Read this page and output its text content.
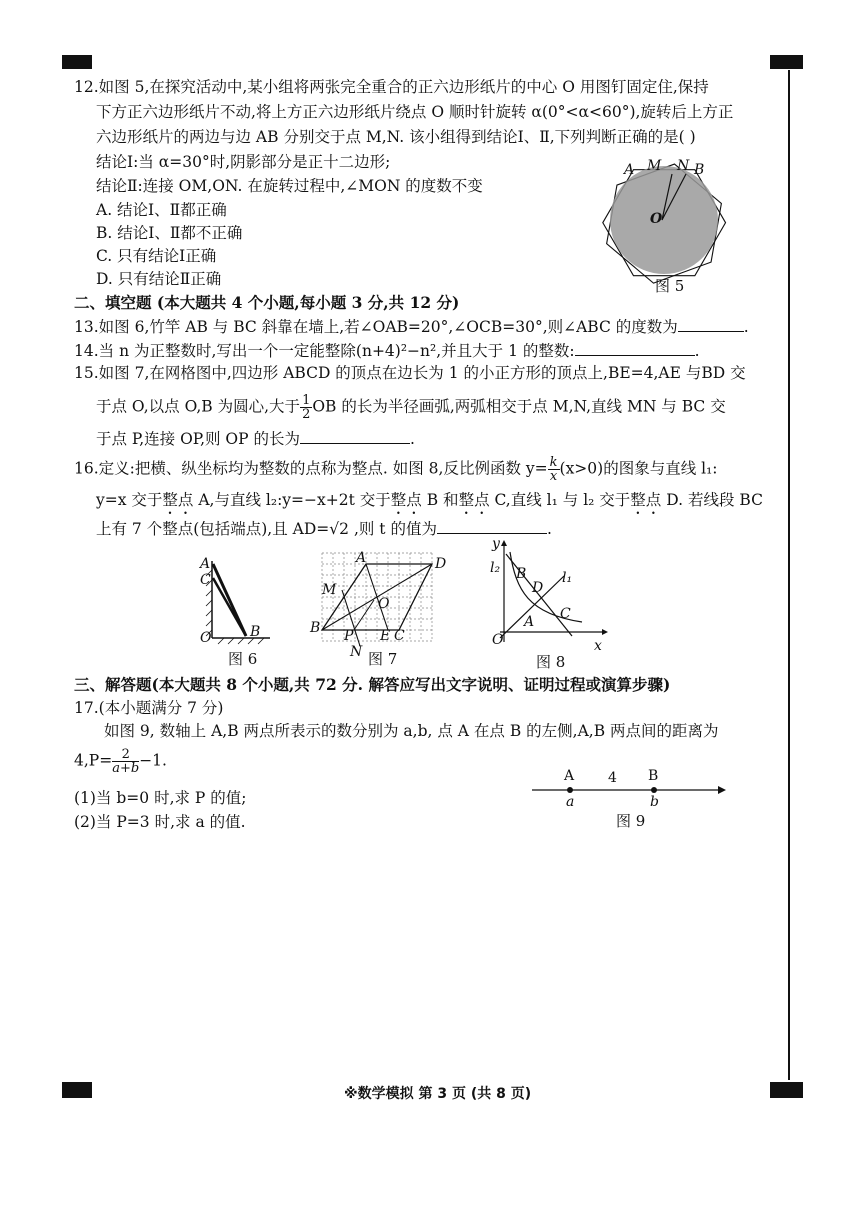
12.如图 5,在探究活动中,某小组将两张完全重合的正六边形纸片的中心 O 用图钉固定住,保持
下方正六边形纸片不动,将上方正六边形纸片绕点 O 顺时针旋转 α(0°<α<60°),旋转后上方正
六边形纸片的两边与边 AB 分别交于点 M,N. 该小组得到结论Ⅰ、Ⅱ,下列判断正确的是( )
结论Ⅰ:当 α=30°时,阴影部分是正十二边形;
结论Ⅱ:连接 OM,ON. 在旋转过程中,∠MON 的度数不变
A. 结论Ⅰ、Ⅱ都正确
B. 结论Ⅰ、Ⅱ都不正确
C. 只有结论Ⅰ正确
D. 只有结论Ⅱ正确
A M N B
O
图 5
二、填空题 (本大题共 4 个小题,每小题 3 分,共 12 分)
13.如图 6,竹竿 AB 与 BC 斜靠在墙上,若∠OAB=20°,∠OCB=30°,则∠ABC 的度数为	.
14.当 n 为正整数时,写出一个一定能整除(n+4)²−n²,并且大于 1 的整数:	.
15.如图 7,在网格图中,四边形 ABCD 的顶点在边长为 1 的小正方形的顶点上,BE=4,AE 与BD 交
于点 O,以点 O,B 为圆心,大于 $\frac{1}{2}$ OB 的长为半径画弧,两弧相交于点 M,N,直线 MN 与 BC 交
于点 P,连接 OP,则 OP 的长为	.
16.定义:把横、纵坐标均为整数的点称为整点. 如图 8,反比例函数 $y= \frac{k}{x} (x>0)$的图象与直线 l₁:
y=x 交于整点 A,与直线 l₂:y=−x+2t 交于整点 B 和整点 C,直线 l₁ 与 l₂ 交于整点 D. 若线段 BC
上有 7 个整点(包括端点),且 AD=√2 ,则 t 的值为	.
A
C
O	B
图 6
A	D
M
O
B P E C
N 图 7
y
l₂ B
D
l₁
C
A
O	x
图 8
三、解答题(本大题共 8 个小题,共 72 分. 解答应写出文字说明、证明过程或演算步骤)
17.(本小题满分 7 分)
如图 9, 数轴上 A,B 两点所表示的数分别为 a,b, 点 A 在点 B 的左侧,A,B 两点间的距离为
$4,P= \frac{2}{a+b} -1$.
(1)当 b=0 时,求 P 的值;
(2)当 P=3 时,求 a 的值.
A 4 B
a	b
图 9
※数学模拟 第 3 页 (共 8 页)
